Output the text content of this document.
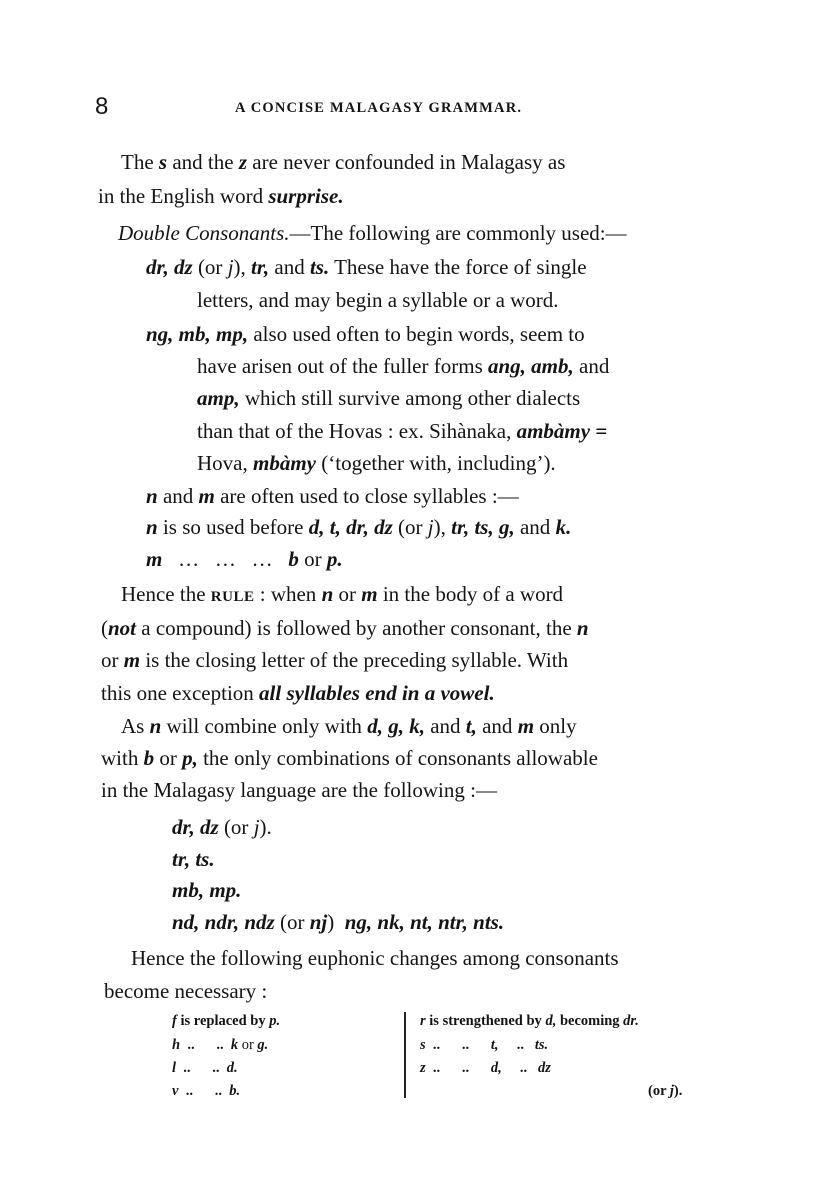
8	A CONCISE MALAGASY GRAMMAR.
The s and the z are never confounded in Malagasy as
in the English word surprise.
Double Consonants.—The following are commonly used:—
dr, dz (or j), tr, and ts. These have the force of single
letters, and may begin a syllable or a word.
ng, mb, mp, also used often to begin words, seem to
have arisen out of the fuller forms ang, amb, and
amp, which still survive among other dialects
than that of the Hovas : ex. Sihànaka, ambàmy =
Hova, mbàmy (‘together with, including’).
n and m are often used to close syllables :—
n is so used before d, t, dr, dz (or j), tr, ts, g, and k.
m   …   …   …   b or p.
Hence the rule : when n or m in the body of a word
(not a compound) is followed by another consonant, the n
or m is the closing letter of the preceding syllable. With
this one exception all syllables end in a vowel.
As n will combine only with d, g, k, and t, and m only
with b or p, the only combinations of consonants allowable
in the Malagasy language are the following :—
dr, dz (or j).
tr, ts.
mb, mp.
nd, ndr, ndz (or nj)  ng, nk, nt, ntr, nts.
Hence the following euphonic changes among consonants
become necessary :
f is replaced by p.
h  ..      ..  k or g.
l  ..      ..  d.
v  ..      ..  b.
r is strengthened by d, becoming dr.
s  ..      ..      t,     ..   ts.
z  ..      ..      d,     ..   dz
(or j).
